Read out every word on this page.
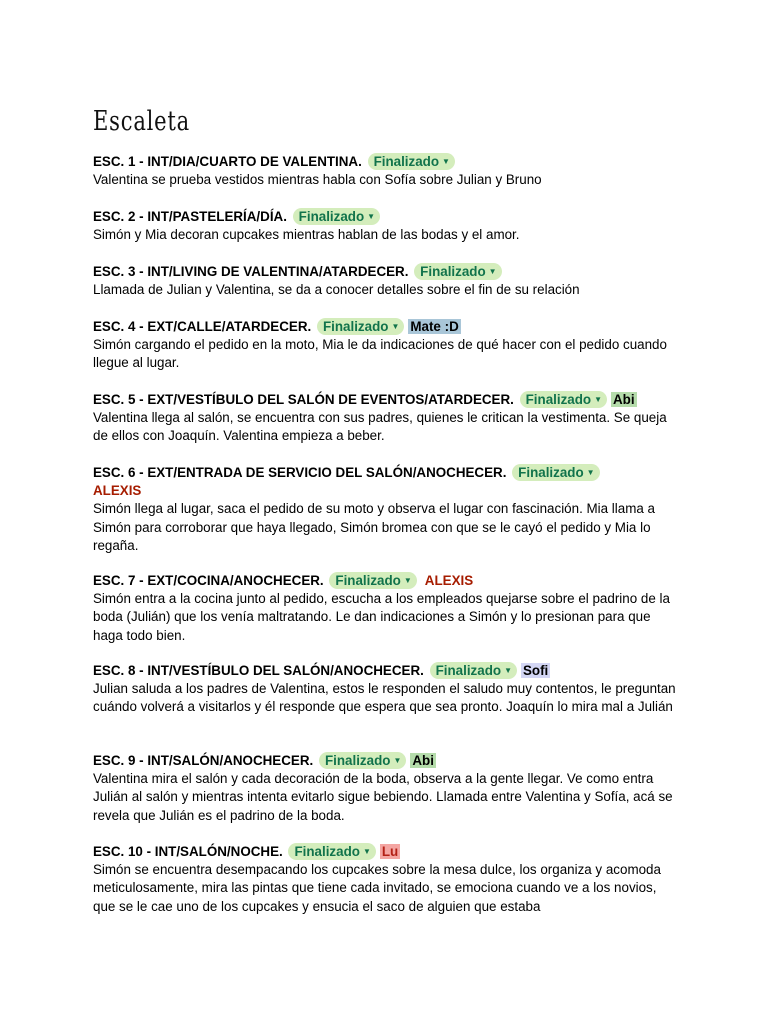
Escaleta

ESC. 1 - INT/DIA/CUARTO DE VALENTINA. Finalizado ▼

Valentina se prueba vestidos mientras habla con Sofía sobre Julian y Bruno

ESC. 2 - INT/PASTELERÍA/DÍA. Finalizado ▼

Simón y Mia decoran cupcakes mientras hablan de las bodas y el amor.

ESC. 3 - INT/LIVING DE VALENTINA/ATARDECER. Finalizado ▼

Llamada de Julian y Valentina, se da a conocer detalles sobre el fin de su relación

ESC. 4 - EXT/CALLE/ATARDECER. Finalizado ▼ Mate :D

Simón cargando el pedido en la moto, Mia le da indicaciones de qué hacer con el pedido cuando llegue al lugar.

ESC. 5 - EXT/VESTÍBULO DEL SALÓN DE EVENTOS/ATARDECER. Finalizado ▼ Abi

Valentina llega al salón, se encuentra con sus padres, quienes le critican la vestimenta. Se queja de ellos con Joaquín. Valentina empieza a beber.

ESC. 6 - EXT/ENTRADA DE SERVICIO DEL SALÓN/ANOCHECER. Finalizado ▼
ALEXIS

Simón llega al lugar, saca el pedido de su moto y observa el lugar con fascinación. Mia llama a Simón para corroborar que haya llegado, Simón bromea con que se le cayó el pedido y Mia lo regaña.

ESC. 7 - EXT/COCINA/ANOCHECER. Finalizado ▼ ALEXIS

Simón entra a la cocina junto al pedido, escucha a los empleados quejarse sobre el padrino de la boda (Julián) que los venía maltratando. Le dan indicaciones a Simón y lo presionan para que haga todo bien.

ESC. 8 - INT/VESTÍBULO DEL SALÓN/ANOCHECER. Finalizado ▼ Sofi

Julian saluda a los padres de Valentina, estos le responden el saludo muy contentos, le preguntan cuándo volverá a visitarlos y él responde que espera que sea pronto. Joaquín lo mira mal a Julián

ESC. 9 - INT/SALÓN/ANOCHECER. Finalizado ▼ Abi

Valentina mira el salón y cada decoración de la boda, observa a la gente llegar. Ve como entra Julián al salón y mientras intenta evitarlo sigue bebiendo. Llamada entre Valentina y Sofía, acá se revela que Julián es el padrino de la boda.

ESC. 10 - INT/SALÓN/NOCHE. Finalizado ▼ Lu

Simón se encuentra desempacando los cupcakes sobre la mesa dulce, los organiza y acomoda meticulosamente, mira las pintas que tiene cada invitado, se emociona cuando ve a los novios, que se le cae uno de los cupcakes y ensucia el saco de alguien que estaba
